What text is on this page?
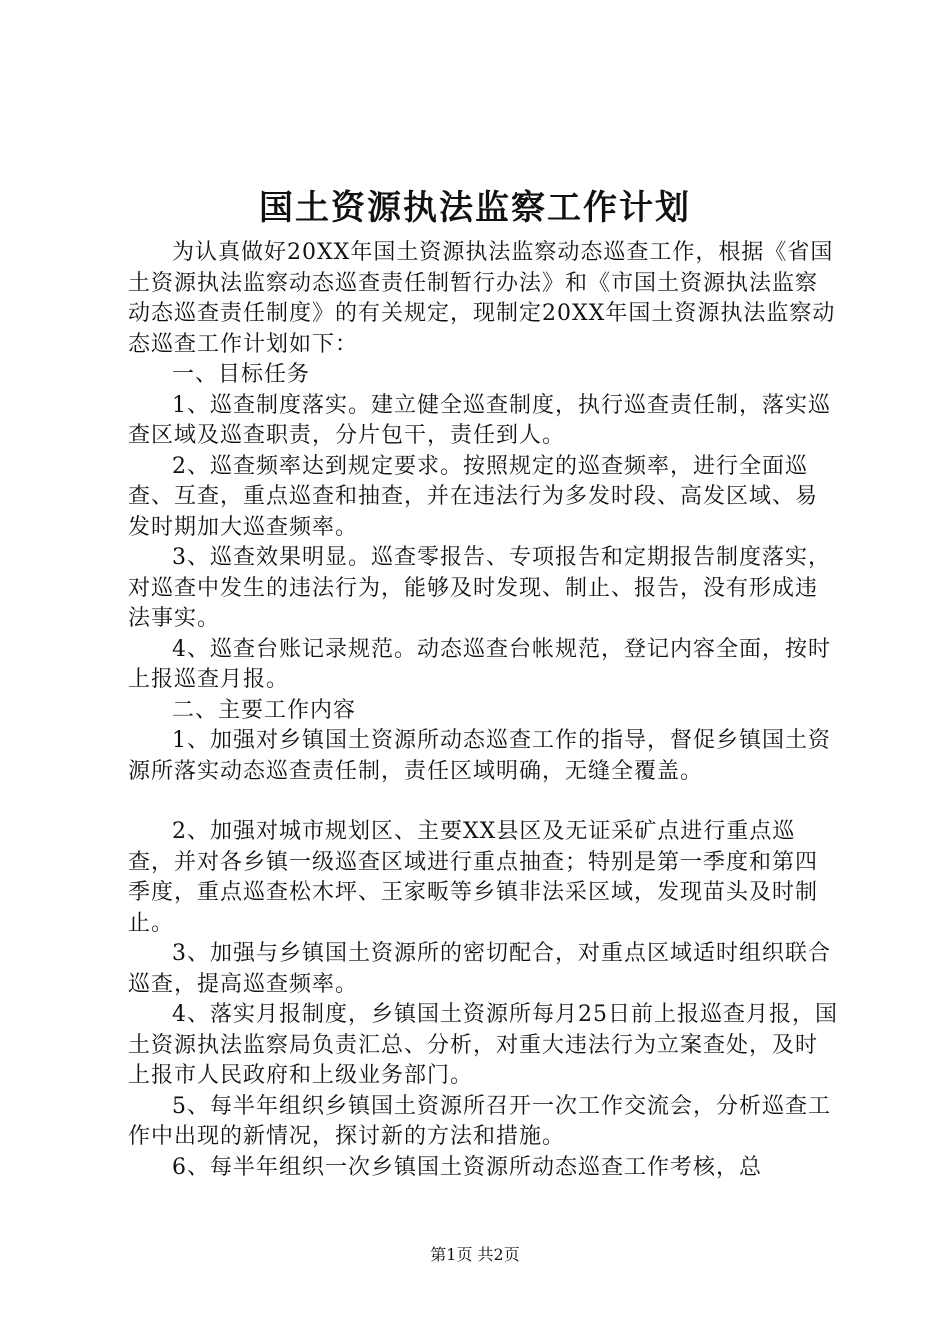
国土资源执法监察工作计划

为认真做好20XX年国土资源执法监察动态巡查工作，根据《省国土资源执法监察动态巡查责任制暂行办法》和《市国土资源执法监察动态巡查责任制度》的有关规定，现制定20XX年国土资源执法监察动态巡查工作计划如下：

一、目标任务

1、巡查制度落实。建立健全巡查制度，执行巡查责任制，落实巡查区域及巡查职责，分片包干，责任到人。

2、巡查频率达到规定要求。按照规定的巡查频率，进行全面巡查、互查，重点巡查和抽查，并在违法行为多发时段、高发区域、易发时期加大巡查频率。

3、巡查效果明显。巡查零报告、专项报告和定期报告制度落实，对巡查中发生的违法行为，能够及时发现、制止、报告，没有形成违法事实。

4、巡查台账记录规范。动态巡查台帐规范，登记内容全面，按时上报巡查月报。

二、主要工作内容

1、加强对乡镇国土资源所动态巡查工作的指导，督促乡镇国土资源所落实动态巡查责任制，责任区域明确，无缝全覆盖。

2、加强对城市规划区、主要XX县区及无证采矿点进行重点巡查，并对各乡镇一级巡查区域进行重点抽查；特别是第一季度和第四季度，重点巡查松木坪、王家畈等乡镇非法采区域，发现苗头及时制止。

3、加强与乡镇国土资源所的密切配合，对重点区域适时组织联合巡查，提高巡查频率。

4、落实月报制度，乡镇国土资源所每月25日前上报巡查月报，国土资源执法监察局负责汇总、分析，对重大违法行为立案查处，及时上报市人民政府和上级业务部门。

5、每半年组织乡镇国土资源所召开一次工作交流会，分析巡查工作中出现的新情况，探讨新的方法和措施。

6、每半年组织一次乡镇国土资源所动态巡查工作考核，总

第1页 共2页
